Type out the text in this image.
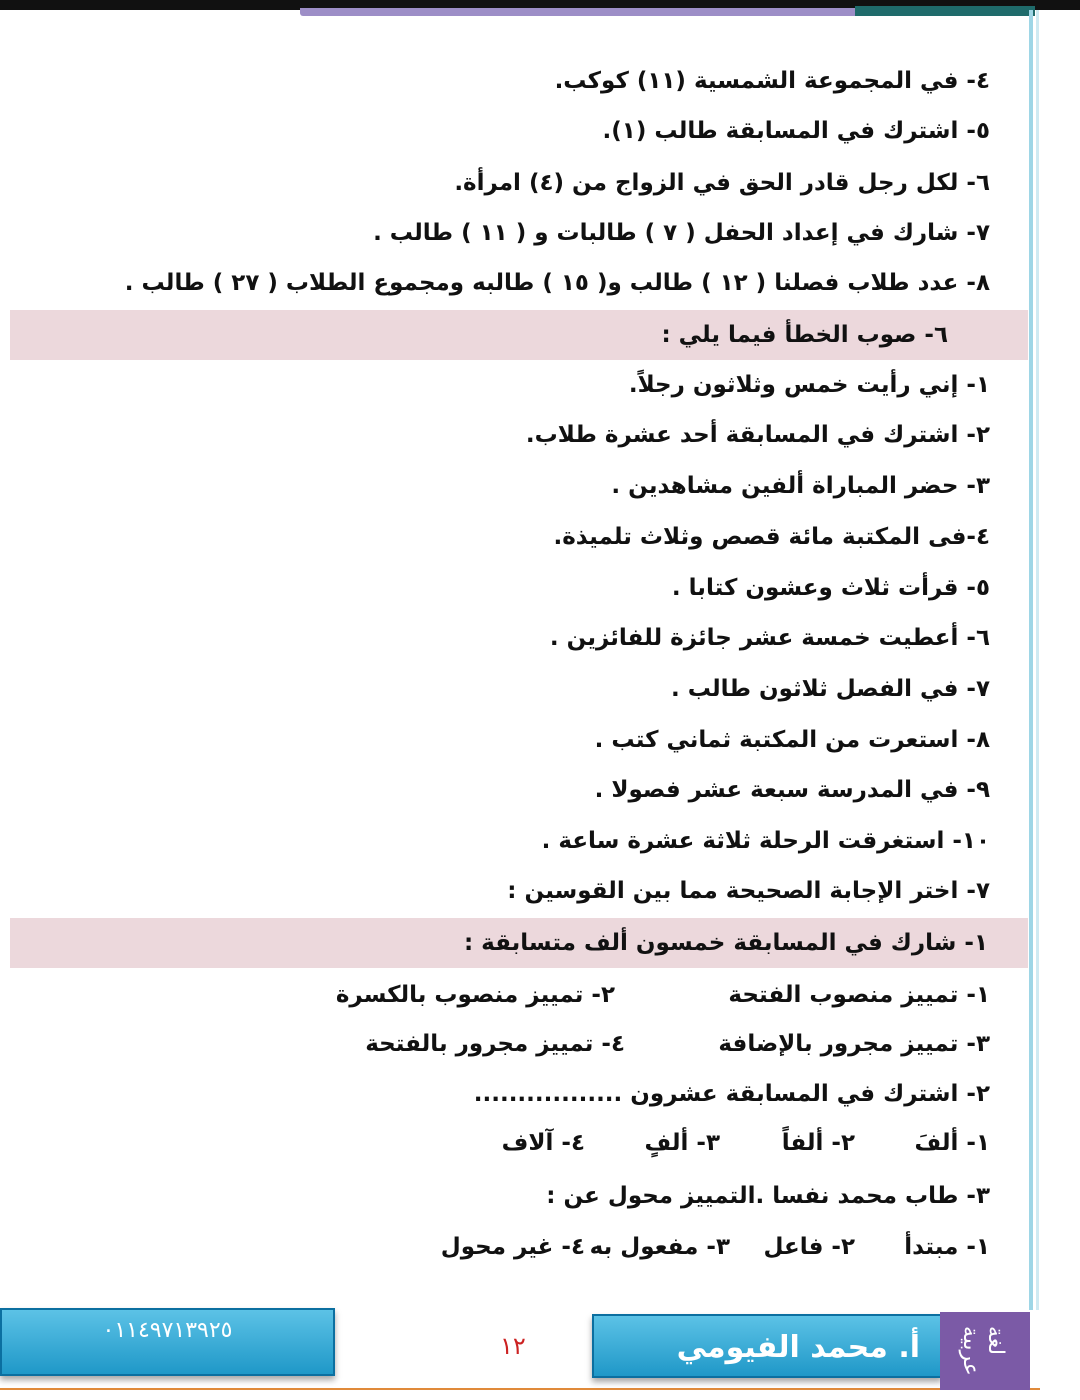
٤- في المجموعة الشمسية (١١) كوكب.
٥- اشترك في المسابقة طالب (١).
٦- لكل رجل قادر الحق في الزواج من (٤) امرأة.
٧- شارك في إعداد الحفل ( ٧ ) طالبات و ( ١١ ) طالب .
٨- عدد طلاب فصلنا ( ١٢ ) طالب و( ١٥ ) طالبه ومجموع الطلاب ( ٢٧ ) طالب .
٦- صوب الخطأ فيما يلي :
١- إني رأيت خمس وثلاثون رجلاً.
٢- اشترك في المسابقة أحد عشرة طلاب.
٣- حضر المباراة ألفين مشاهدين .
٤-فى المكتبة مائة قصص وثلاث تلميذة.
٥- قرأت ثلاث وعشون كتابا .
٦- أعطيت خمسة عشر جائزة للفائزين .
٧- في الفصل ثلاثون طالب .
٨- استعرت من المكتبة ثماني كتب .
٩- في المدرسة سبعة عشر فصولا .
١٠- استغرقت الرحلة ثلاثة عشرة ساعة .
٧- اختر الإجابة الصحيحة مما بين القوسين :
١- شارك في المسابقة خمسون ألف متسابقة :
١- تمييز منصوب الفتحة
٢- تمييز منصوب بالكسرة
٣- تمييز مجرور بالإضافة
٤- تمييز مجرور بالفتحة
٢- اشترك في المسابقة عشرون .................
١- ألفَ
٢- ألفاً
٣- ألفٍ
٤- آلاف
٣- طاب محمد نفسا .التمييز محول عن :
١- مبتدأ
٢- فاعل
٣- مفعول به
٤- غير محول
٠١١٤٩٧١٣٩٢٥
١٢	أ. محمد الفيومي	لغة عربية
